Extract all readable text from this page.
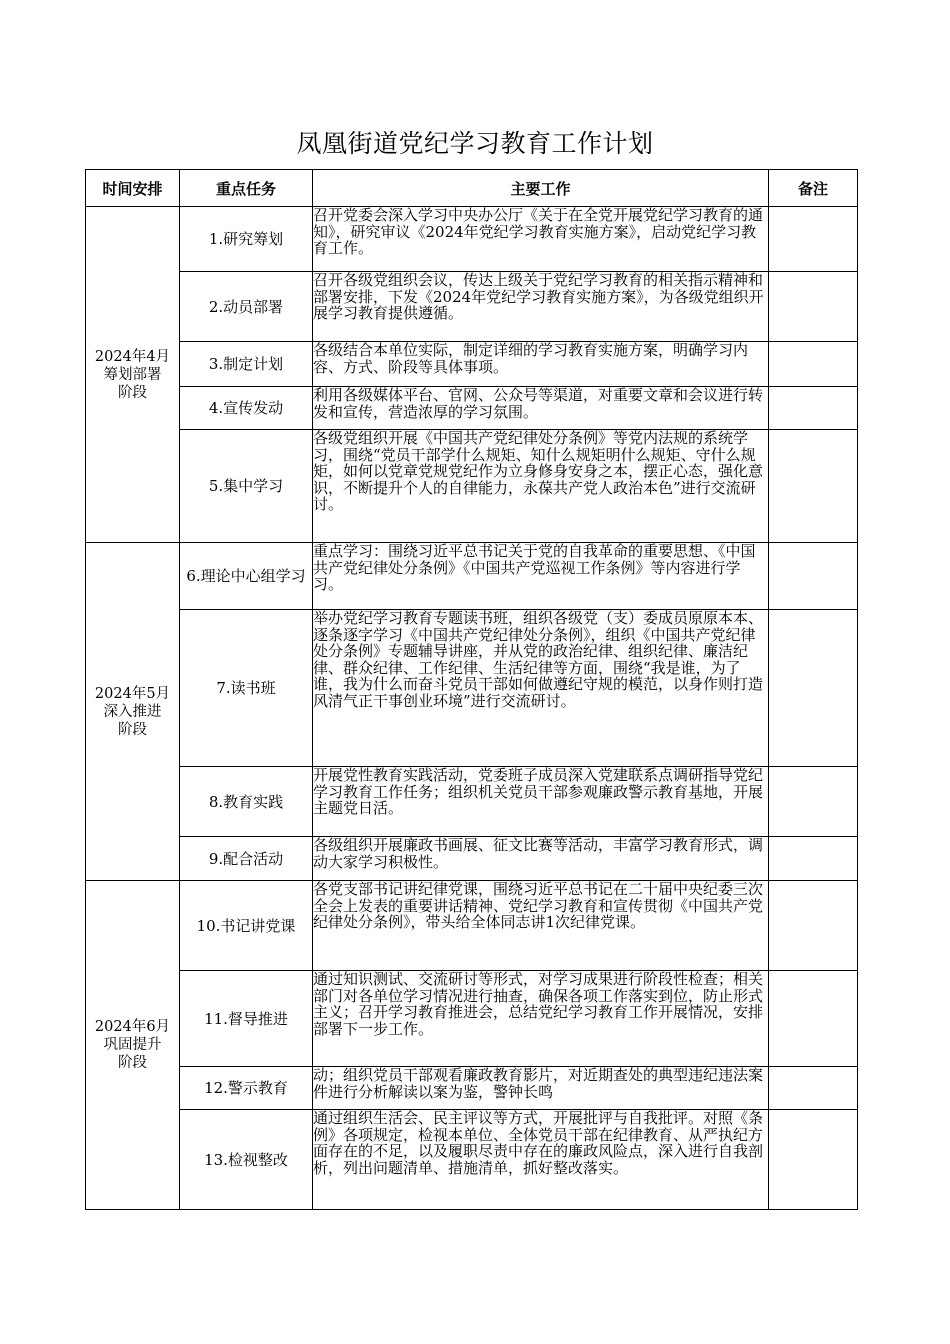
凤凰街道党纪学习教育工作计划
时间安排	重点任务	主要工作	备注
2024年4月
筹划部署
阶段	1.研究筹划	召开党委会深入学习中央办公厅《关于在全党开展党纪学习教育的通知》，研究审议《2024年党纪学习教育实施方案》，启动党纪学习教育工作。	
	2.动员部署	召开各级党组织会议，传达上级关于党纪学习教育的相关指示精神和部署安排，下发《2024年党纪学习教育实施方案》，为各级党组织开展学习教育提供遵循。	
	3.制定计划	各级结合本单位实际，制定详细的学习教育实施方案，明确学习内容、方式、阶段等具体事项。	
	4.宣传发动	利用各级媒体平台、官网、公众号等渠道，对重要文章和会议进行转发和宣传，营造浓厚的学习氛围。	
	5.集中学习	各级党组织开展《中国共产党纪律处分条例》等党内法规的系统学习，围绕“党员干部学什么规矩、知什么规矩明什么规矩、守什么规矩，如何以党章党规党纪作为立身修身安身之本，摆正心态，强化意识，不断提升个人的自律能力，永葆共产党人政治本色”进行交流研讨。	
2024年5月
深入推进
阶段	6.理论中心组学习	重点学习：围绕习近平总书记关于党的自我革命的重要思想、《中国共产党纪律处分条例》《中国共产党巡视工作条例》等内容进行学习。	
	7.读书班	举办党纪学习教育专题读书班，组织各级党（支）委成员原原本本、逐条逐字学习《中国共产党纪律处分条例》，组织《中国共产党纪律处分条例》专题辅导讲座，并从党的政治纪律、组织纪律、廉洁纪律、群众纪律、工作纪律、生活纪律等方面，围绕“我是谁，为了谁，我为什么而奋斗党员干部如何做遵纪守规的模范，以身作则打造风清气正干事创业环境”进行交流研讨。	
	8.教育实践	开展党性教育实践活动，党委班子成员深入党建联系点调研指导党纪学习教育工作任务；组织机关党员干部参观廉政警示教育基地，开展主题党日活。	
	9.配合活动	各级组织开展廉政书画展、征文比赛等活动，丰富学习教育形式，调动大家学习积极性。	
2024年6月
巩固提升
阶段	10.书记讲党课	各党支部书记讲纪律党课，围绕习近平总书记在二十届中央纪委三次全会上发表的重要讲话精神、党纪学习教育和宣传贯彻《中国共产党纪律处分条例》，带头给全体同志讲1次纪律党课。	
	11.督导推进	通过知识测试、交流研讨等形式，对学习成果进行阶段性检查；相关部门对各单位学习情况进行抽查，确保各项工作落实到位，防止形式主义；召开学习教育推进会，总结党纪学习教育工作开展情况，安排部署下一步工作。	
	12.警示教育	动；组织党员干部观看廉政教育影片，对近期查处的典型违纪违法案件进行分析解读以案为鉴，警钟长鸣	
	13.检视整改	通过组织生活会、民主评议等方式，开展批评与自我批评。对照《条例》各项规定，检视本单位、全体党员干部在纪律教育、从严执纪方面存在的不足，以及履职尽责中存在的廉政风险点，深入进行自我剖析，列出问题清单、措施清单，抓好整改落实。	
